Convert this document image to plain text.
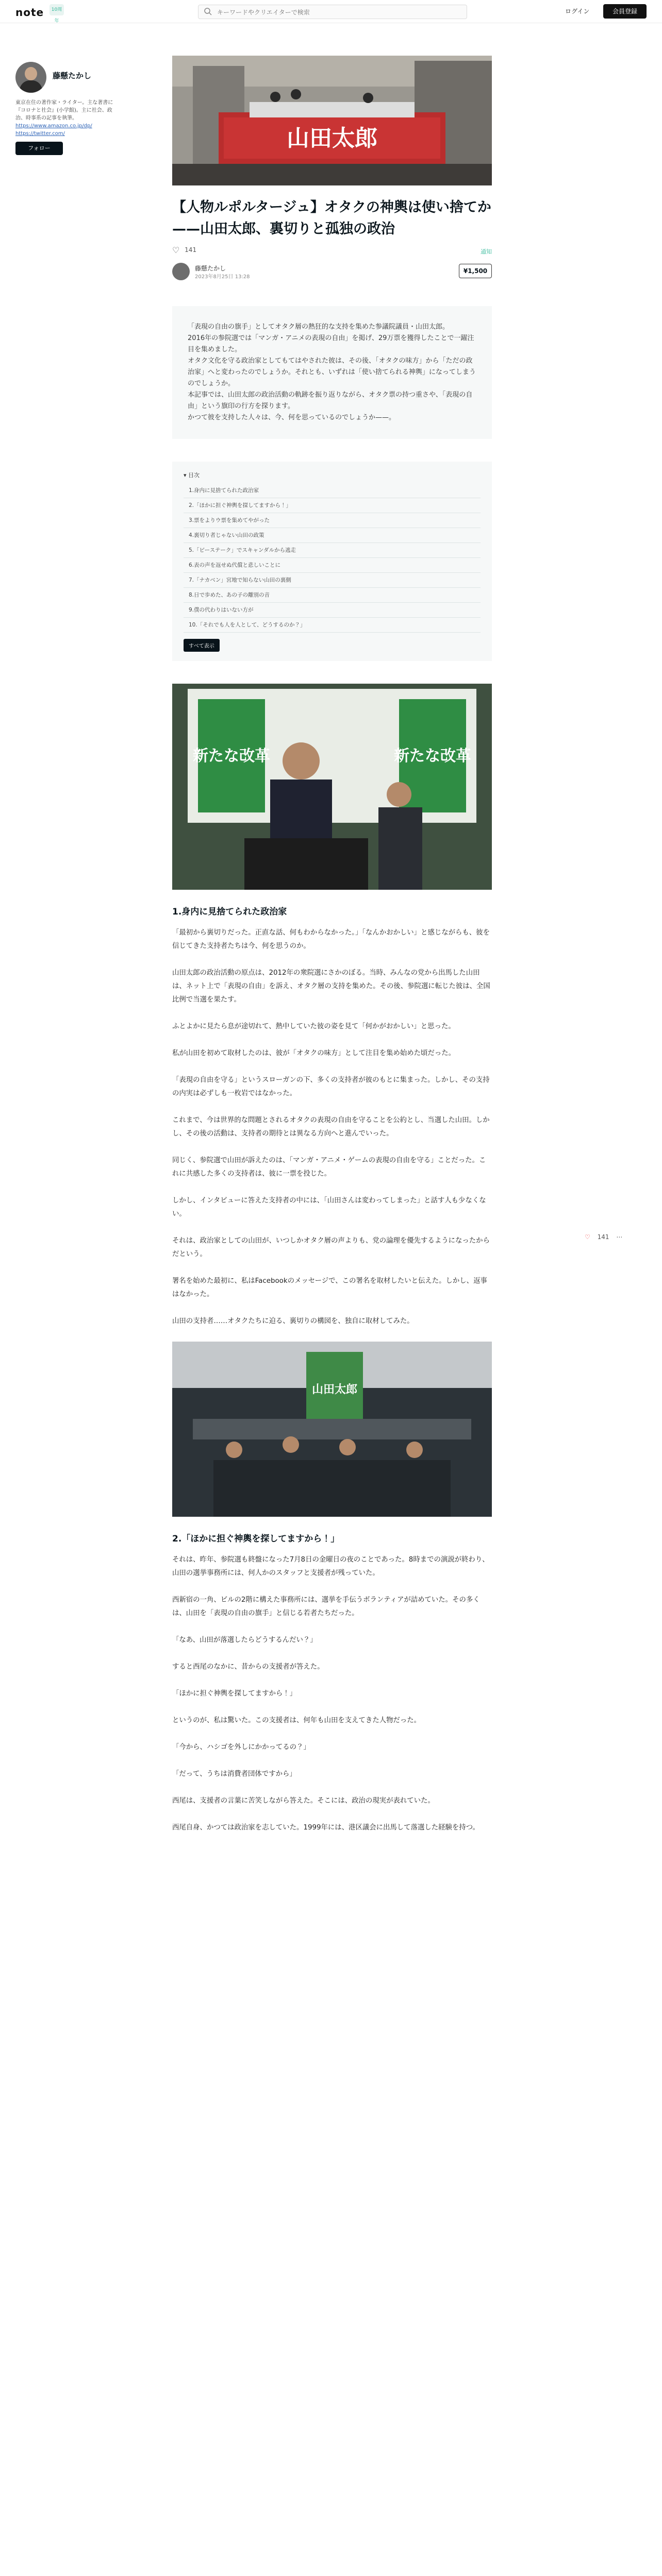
note	10周年
キーワードやクリエイターで検索
ログイン	会員登録
藤懸たかし
東京在住の著作家・ライター。主な著書に『コロナと社会』(小学館)。主に社会、政治、時事系の記事を執筆。
https://www.amazon.co.jp/dp/
https://twitter.com/
フォロー
♡ 141 ⋯
山田太郎
【人物ルポルタージュ】オタクの神輿は使い捨てか——山田太郎、裏切りと孤独の政治
♡ 141	通知
藤懸たかし
2023年8月25日 13:28
¥1,500
「表現の自由の旗手」としてオタク層の熱狂的な支持を集めた参議院議員・山田太郎。
2016年の参院選では「マンガ・アニメの表現の自由」を掲げ、29万票を獲得したことで一躍注目を集めました。
オタク文化を守る政治家としてもてはやされた彼は、その後、「オタクの味方」から「ただの政治家」へと変わったのでしょうか。それとも、いずれは「使い捨てられる神輿」になってしまうのでしょうか。
本記事では、山田太郎の政治活動の軌跡を振り返りながら、オタク票の持つ重さや、「表現の自由」という旗印の行方を探ります。
かつて彼を支持した人々は、今、何を思っているのでしょうか——。
▾ 目次
1.身内に見捨てられた政治家
2.「ほかに担ぐ神輿を探してますから！」
3.票をよりウ票を集めてやがった
4.裏切り者じゃない山田の政策
5.「ビーステーク」でスキャンダルから逃走
6.表の声を返せぬ代償と悲しいことに
7.「ナカベン」宮地で知らない山田の裏側
8.日で歩めた、あの子の離別の音
9.僕の代わりはいない方が
10.「それでも人を人として、どうするのか？」
すべて表示
新たな改革	新たな改革
1.身内に見捨てられた政治家
「最初から裏切りだった。正直な話、何もわからなかった。」「なんかおかしい」と感じながらも、彼を信じてきた支持者たちは今、何を思うのか。
山田太郎の政治活動の原点は、2012年の衆院選にさかのぼる。当時、みんなの党から出馬した山田は、ネット上で「表現の自由」を訴え、オタク層の支持を集めた。その後、参院選に転じた彼は、全国比例で当選を果たす。
ふとよかに見たら息が途切れて、熱中していた彼の姿を見て「何かがおかしい」と思った。
私が山田を初めて取材したのは、彼が「オタクの味方」として注目を集め始めた頃だった。
「表現の自由を守る」というスローガンの下、多くの支持者が彼のもとに集まった。しかし、その支持の内実は必ずしも一枚岩ではなかった。
これまで、今は世界的な問題とされるオタクの表現の自由を守ることを公約とし、当選した山田。しかし、その後の活動は、支持者の期待とは異なる方向へと進んでいった。
同じく、参院選で山田が訴えたのは、「マンガ・アニメ・ゲームの表現の自由を守る」ことだった。これに共感した多くの支持者は、彼に一票を投じた。
しかし、インタビューに答えた支持者の中には、「山田さんは変わってしまった」と話す人も少なくない。
それは、政治家としての山田が、いつしかオタク層の声よりも、党の論理を優先するようになったからだという。
署名を始めた最初に、私はFacebookのメッセージで、この署名を取材したいと伝えた。しかし、返事はなかった。
山田の支持者……オタクたちに迫る、裏切りの構図を、独自に取材してみた。
山田太郎
2.「ほかに担ぐ神輿を探してますから！」
それは、昨年、参院選も終盤になった7月8日の金曜日の夜のことであった。8時までの演説が終わり、山田の選挙事務所には、何人かのスタッフと支援者が残っていた。
西新宿の一角、ビルの2階に構えた事務所には、選挙を手伝うボランティアが詰めていた。その多くは、山田を「表現の自由の旗手」と信じる若者たちだった。
「なあ、山田が落選したらどうするんだい？」
すると西尾のなかに、昔からの支援者が答えた。
「ほかに担ぐ神輿を探してますから！」
というのが、私は驚いた。この支援者は、何年も山田を支えてきた人物だった。
「今から、ハシゴを外しにかかってるの？」
「だって、うちは消費者団体ですから」
西尾は、支援者の言葉に苦笑しながら答えた。そこには、政治の現実が表れていた。
西尾自身、かつては政治家を志していた。1999年には、港区議会に出馬して落選した経験を持つ。
